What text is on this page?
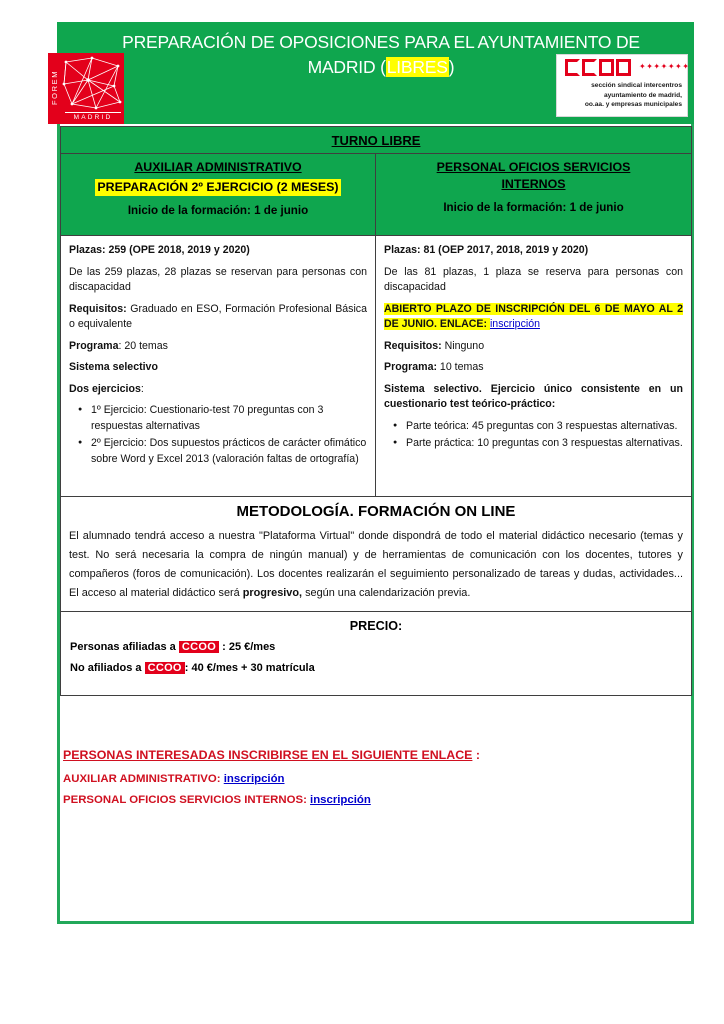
PREPARACIÓN DE OPOSICIONES PARA EL AYUNTAMIENTO DE
MADRID (LIBRES)
FOREM
MADRID
✦✦✦✦✦✦✦
sección sindical intercentros
ayuntamiento de madrid,
oo.aa. y empresas municipales
TURNO LIBRE
AUXILIAR ADMINISTRATIVO
PREPARACIÓN 2º EJERCICIO (2 MESES)
Inicio de la formación: 1 de junio

Plazas: 259 (OPE 2018, 2019 y 2020)

De las 259 plazas, 28 plazas se reservan para personas con discapacidad

Requisitos: Graduado en ESO, Formación Profesional Básica o equivalente

Programa: 20 temas

Sistema selectivo

Dos ejercicios:

● 1º Ejercicio: Cuestionario-test 70 preguntas con 3 respuestas alternativas
● 2º Ejercicio: Dos supuestos prácticos de carácter ofimático sobre Word y Excel 2013 (valoración faltas de ortografía)
PERSONAL OFICIOS SERVICIOS
INTERNOS
Inicio de la formación: 1 de junio

Plazas: 81 (OEP 2017, 2018, 2019 y 2020)

De las 81 plazas, 1 plaza se reserva para personas con discapacidad

ABIERTO PLAZO DE INSCRIPCIÓN DEL 6 DE MAYO AL 2 DE JUNIO. ENLACE: inscripción

Requisitos: Ninguno

Programa: 10 temas

Sistema selectivo. Ejercicio único consistente en un cuestionario test teórico-práctico:

● Parte teórica: 45 preguntas con 3 respuestas alternativas.
● Parte práctica: 10 preguntas con 3 respuestas alternativas.
METODOLOGÍA. FORMACIÓN ON LINE
El alumnado tendrá acceso a nuestra "Plataforma Virtual" donde dispondrá de todo el material didáctico necesario (temas y test. No será necesaria la compra de ningún manual) y de herramientas de comunicación con los docentes, tutores y compañeros (foros de comunicación). Los docentes realizarán el seguimiento personalizado de tareas y dudas, actividades... El acceso al material didáctico será progresivo, según una calendarización previa.
PRECIO:
Personas afiliadas a CCOO : 25 €/mes
No afiliados a CCOO : 40 €/mes + 30 matrícula
PERSONAS INTERESADAS INSCRIBIRSE EN EL SIGUIENTE ENLACE :
AUXILIAR ADMINISTRATIVO: inscripción
PERSONAL OFICIOS SERVICIOS INTERNOS: inscripción
